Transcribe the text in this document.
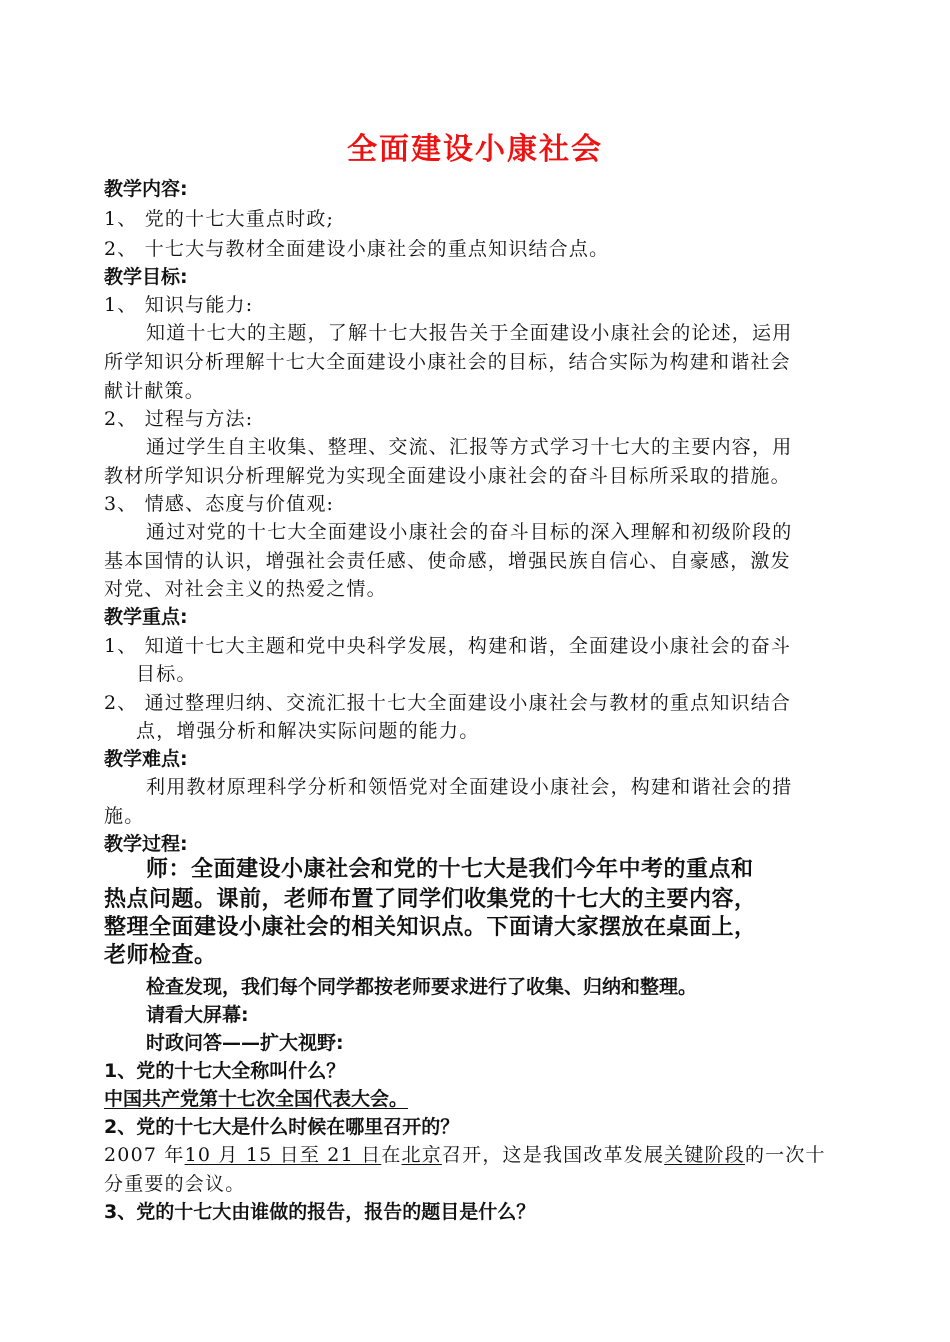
全面建设小康社会
教学内容:
1、 党的十七大重点时政;
2、 十七大与教材全面建设小康社会的重点知识结合点。
教学目标:
1、 知识与能力:
知道十七大的主题，了解十七大报告关于全面建设小康社会的论述，运用
所学知识分析理解十七大全面建设小康社会的目标，结合实际为构建和谐社会
献计献策。
2、 过程与方法:
通过学生自主收集、整理、交流、汇报等方式学习十七大的主要内容，用
教材所学知识分析理解党为实现全面建设小康社会的奋斗目标所采取的措施。
3、 情感、态度与价值观:
通过对党的十七大全面建设小康社会的奋斗目标的深入理解和初级阶段的
基本国情的认识，增强社会责任感、使命感，增强民族自信心、自豪感，激发
对党、对社会主义的热爱之情。
教学重点:
1、 知道十七大主题和党中央科学发展，构建和谐，全面建设小康社会的奋斗
目标。
2、 通过整理归纳、交流汇报十七大全面建设小康社会与教材的重点知识结合
点，增强分析和解决实际问题的能力。
教学难点:
利用教材原理科学分析和领悟党对全面建设小康社会，构建和谐社会的措
施。
教学过程:
师：全面建设小康社会和党的十七大是我们今年中考的重点和
热点问题。课前，老师布置了同学们收集党的十七大的主要内容，
整理全面建设小康社会的相关知识点。下面请大家摆放在桌面上，
老师检查。
检查发现，我们每个同学都按老师要求进行了收集、归纳和整理。
请看大屏幕:
时政问答——扩大视野:
1、党的十七大全称叫什么？
中国共产党第十七次全国代表大会。
2、党的十七大是什么时候在哪里召开的？
2007 年10 月 15 日至 21 日在北京召开，这是我国改革发展关键阶段的一次十
分重要的会议。
3、党的十七大由谁做的报告，报告的题目是什么？
